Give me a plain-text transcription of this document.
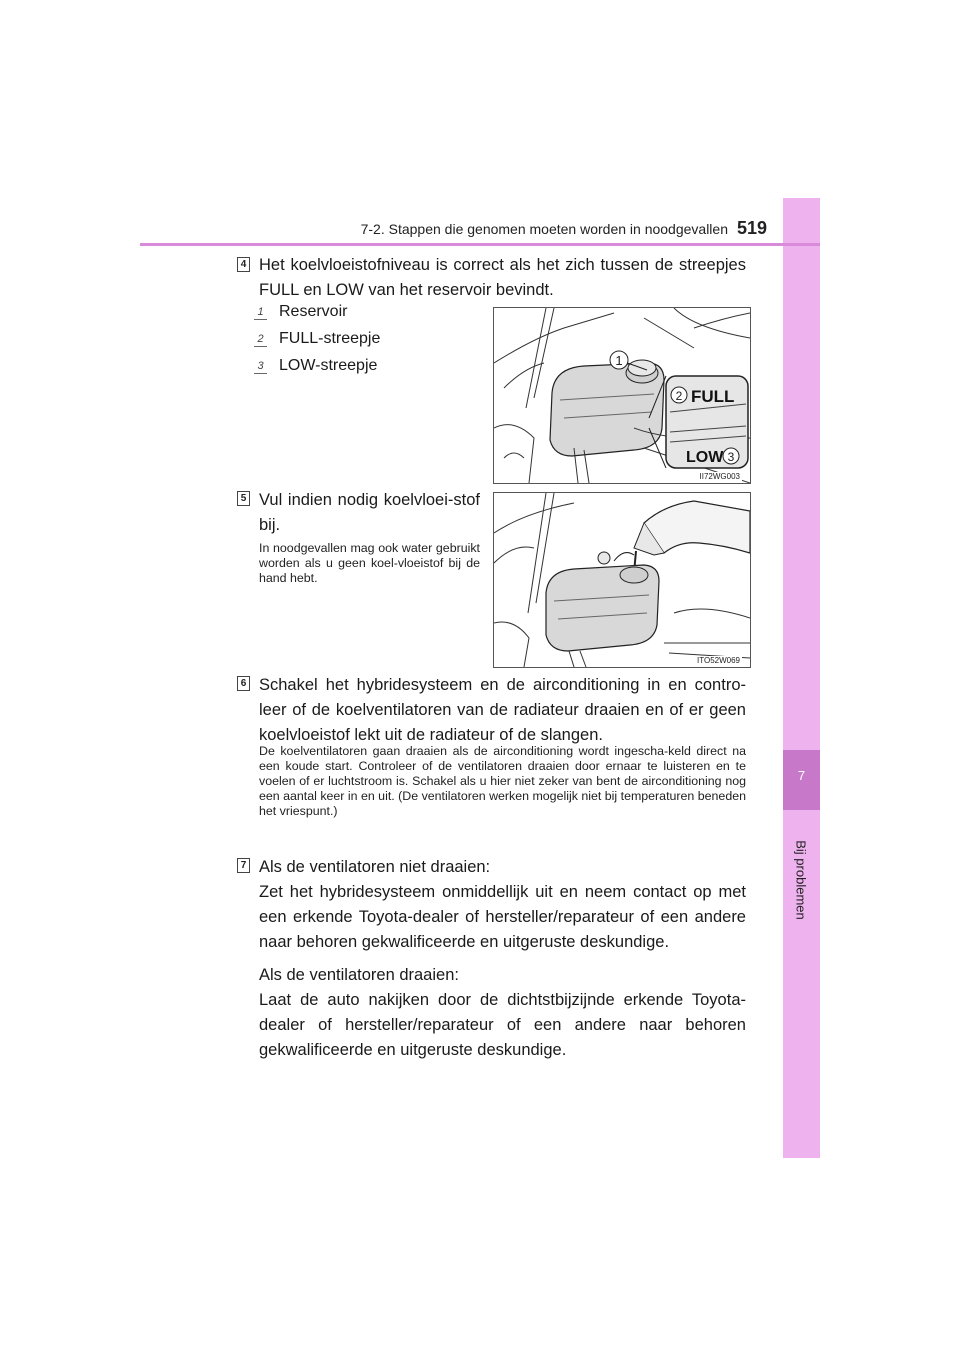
7
Bij problemen
7-2. Stappen die genomen moeten worden in noodgevallen 519
4 Het koelvloeistofniveau is correct als het zich tussen de streepjes FULL en LOW van het reservoir bevindt.
1 Reservoir
2 FULL-streepje
3 LOW-streepje	1
2 FULL
LOW 3
II72WG003
5 Vul indien nodig koelvloei-stof bij.
In noodgevallen mag ook water gebruikt worden als u geen koel-vloeistof bij de hand hebt.
ITO52W069
6 Schakel het hybridesysteem en de airconditioning in en contro-leer of de koelventilatoren van de radiateur draaien en of er geen koelvloeistof lekt uit de radiateur of de slangen.
De koelventilatoren gaan draaien als de airconditioning wordt ingescha-keld direct na een koude start. Controleer of de ventilatoren draaien door ernaar te luisteren en te voelen of er luchtstroom is. Schakel als u hier niet zeker van bent de airconditioning nog een aantal keer in en uit. (De ventilatoren werken mogelijk niet bij temperaturen beneden het vriespunt.)
7 Als de ventilatoren niet draaien:
Zet het hybridesysteem onmiddellijk uit en neem contact op met een erkende Toyota-dealer of hersteller/reparateur of een andere naar behoren gekwalificeerde en uitgeruste deskundige.
Als de ventilatoren draaien:
Laat de auto nakijken door de dichtstbijzijnde erkende Toyota-dealer of hersteller/reparateur of een andere naar behoren gekwalificeerde en uitgeruste deskundige.
